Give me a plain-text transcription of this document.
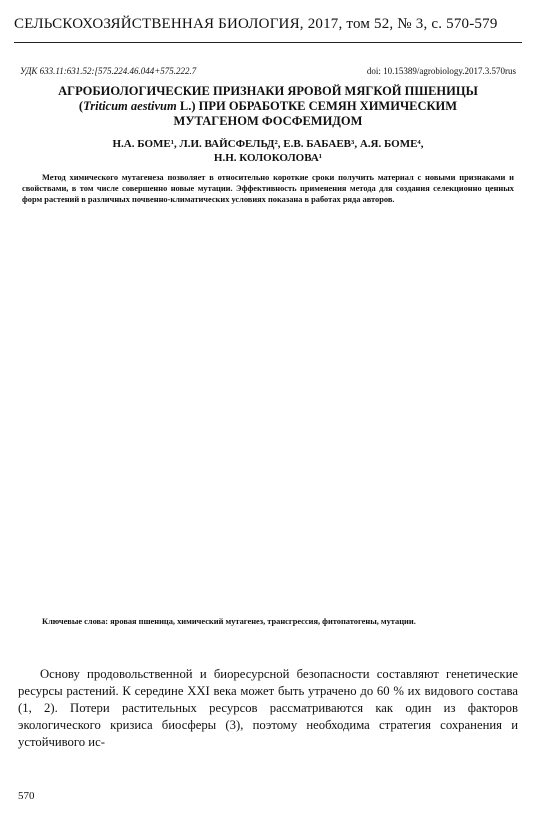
СЕЛЬСКОХОЗЯЙСТВЕННАЯ БИОЛОГИЯ, 2017, том 52, № 3, с. 570-579
УДК 633.11:631.52:[575.224.46.044+575.222.7	doi: 10.15389/agrobiology.2017.3.570rus
АГРОБИОЛОГИЧЕСКИЕ ПРИЗНАКИ ЯРОВОЙ МЯГКОЙ ПШЕНИЦЫ
(Triticum aestivum L.) ПРИ ОБРАБОТКЕ СЕМЯН ХИМИЧЕСКИМ
МУТАГЕНОМ ФОСФЕМИДОМ
Н.А. БОМЕ¹, Л.И. ВАЙСФЕЛЬД², Е.В. БАБАЕВ³, А.Я. БОМЕ⁴,
Н.Н. КОЛОКОЛОВА¹
Метод химического мутагенеза позволяет в относительно короткие сроки получить материал с новыми признаками и свойствами, в том числе совершенно новые мутации. Эффективность применения метода для создания селекционно ценных форм растений в различных почвенно-климатических условиях показана в работах ряда авторов.
Ключевые слова: яровая пшеница, химический мутагенез, трансгрессия, фитопатогены, мутации.
Основу продовольственной и биоресурсной безопасности составляют генетические ресурсы растений. К середине XXI века может быть утрачено до 60 % их видового состава (1, 2). Потери растительных ресурсов рассматриваются как один из факторов экологического кризиса биосферы (3), поэтому необходима стратегия сохранения и устойчивого ис-
570
